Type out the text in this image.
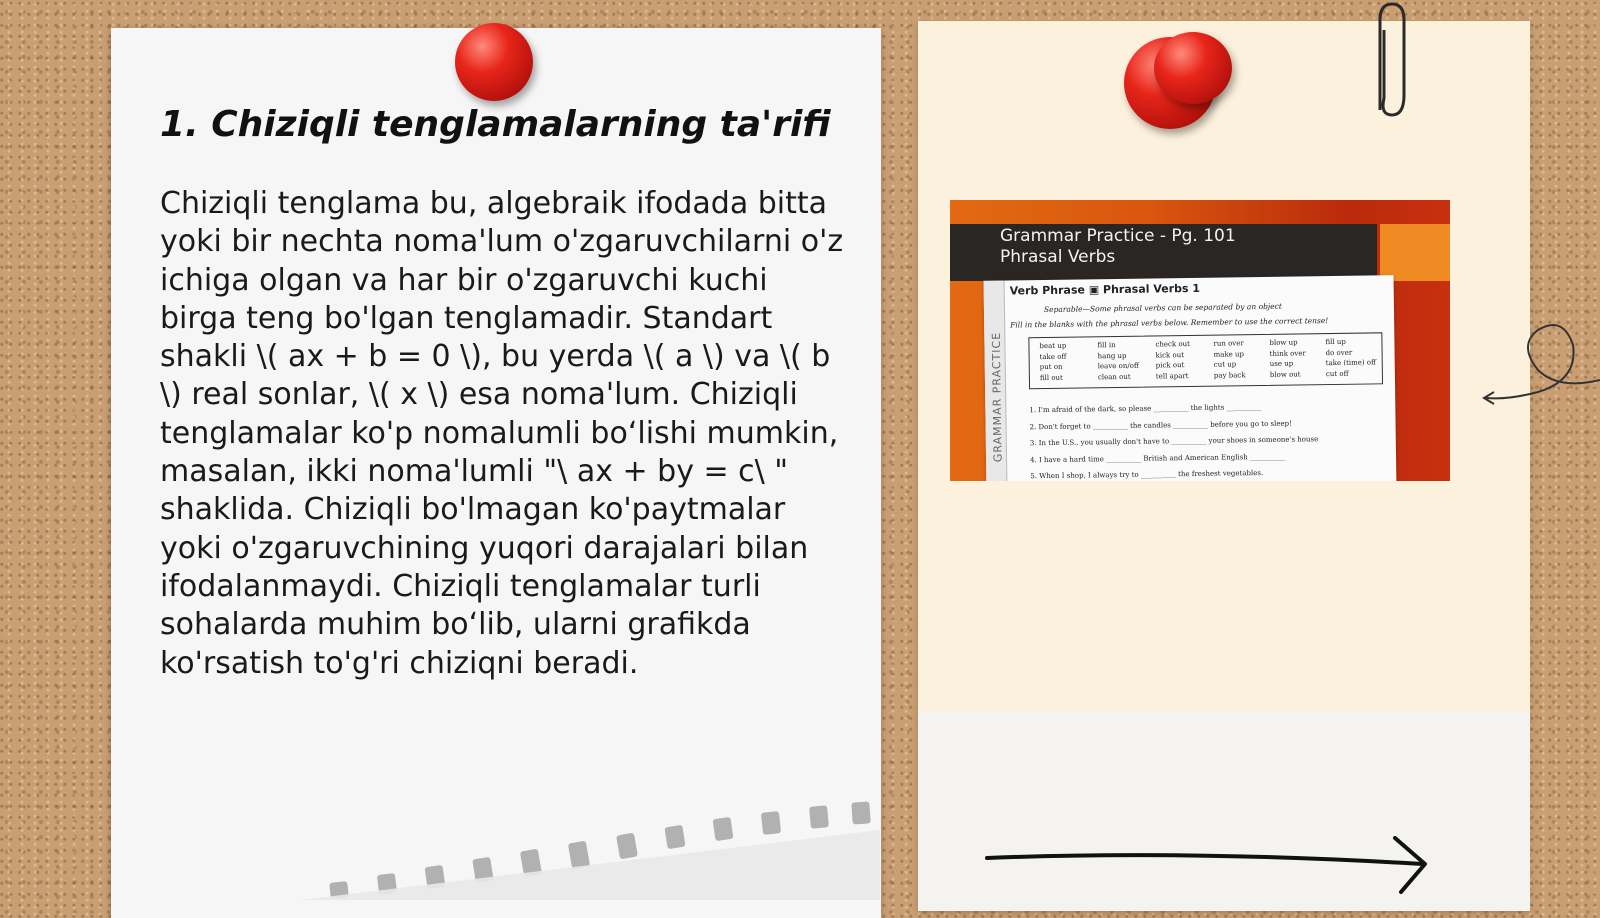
1. Chiziqli tenglamalarning ta'rifi

Chiziqli tenglama bu, algebraik ifodada bitta yoki bir nechta noma'lum o'zgaruvchilarni o'z ichiga olgan va har bir o'zgaruvchi kuchi birga teng bo'lgan tenglamadir. Standart shakli \( ax + b = 0 \), bu yerda \( a \) va \( b \) real sonlar, \( x \) esa noma'lum. Chiziqli tenglamalar ko'p nomalumli bo‘lishi mumkin, masalan, ikki noma'lumli "\ ax + by = c\ " shaklida. Chiziqli bo'lmagan ko'paytmalar yoki o'zgaruvchining yuqori darajalari bilan ifodalanmaydi. Chiziqli tenglamalar turli sohalarda muhim bo‘lib, ularni grafikda ko'rsatish to'g'ri chiziqni beradi.

Grammar Practice - Pg. 101
Phrasal Verbs
GRAMMAR PRACTICE
Verb Phrase ▣ Phrasal Verbs 1
Separable—Some phrasal verbs can be separated by an object
Fill in the blanks with the phrasal verbs below. Remember to use the correct tense!
beat up
take off
put on
fill out
fill in
hang up
leave on/off
clean out
check out
kick out
pick out
tell apart
run over
make up
cut up
pay back
blow up
think over
use up
blow out
fill up
do over
take (time) off
cut off
1. I'm afraid of the dark, so please __________ the lights __________
2. Don't forget to __________ the candles __________ before you go to sleep!
3. In the U.S., you usually don't have to __________ your shoes in someone's house
4. I have a hard time __________ British and American English __________
5. When I shop, I always try to __________ the freshest vegetables.
